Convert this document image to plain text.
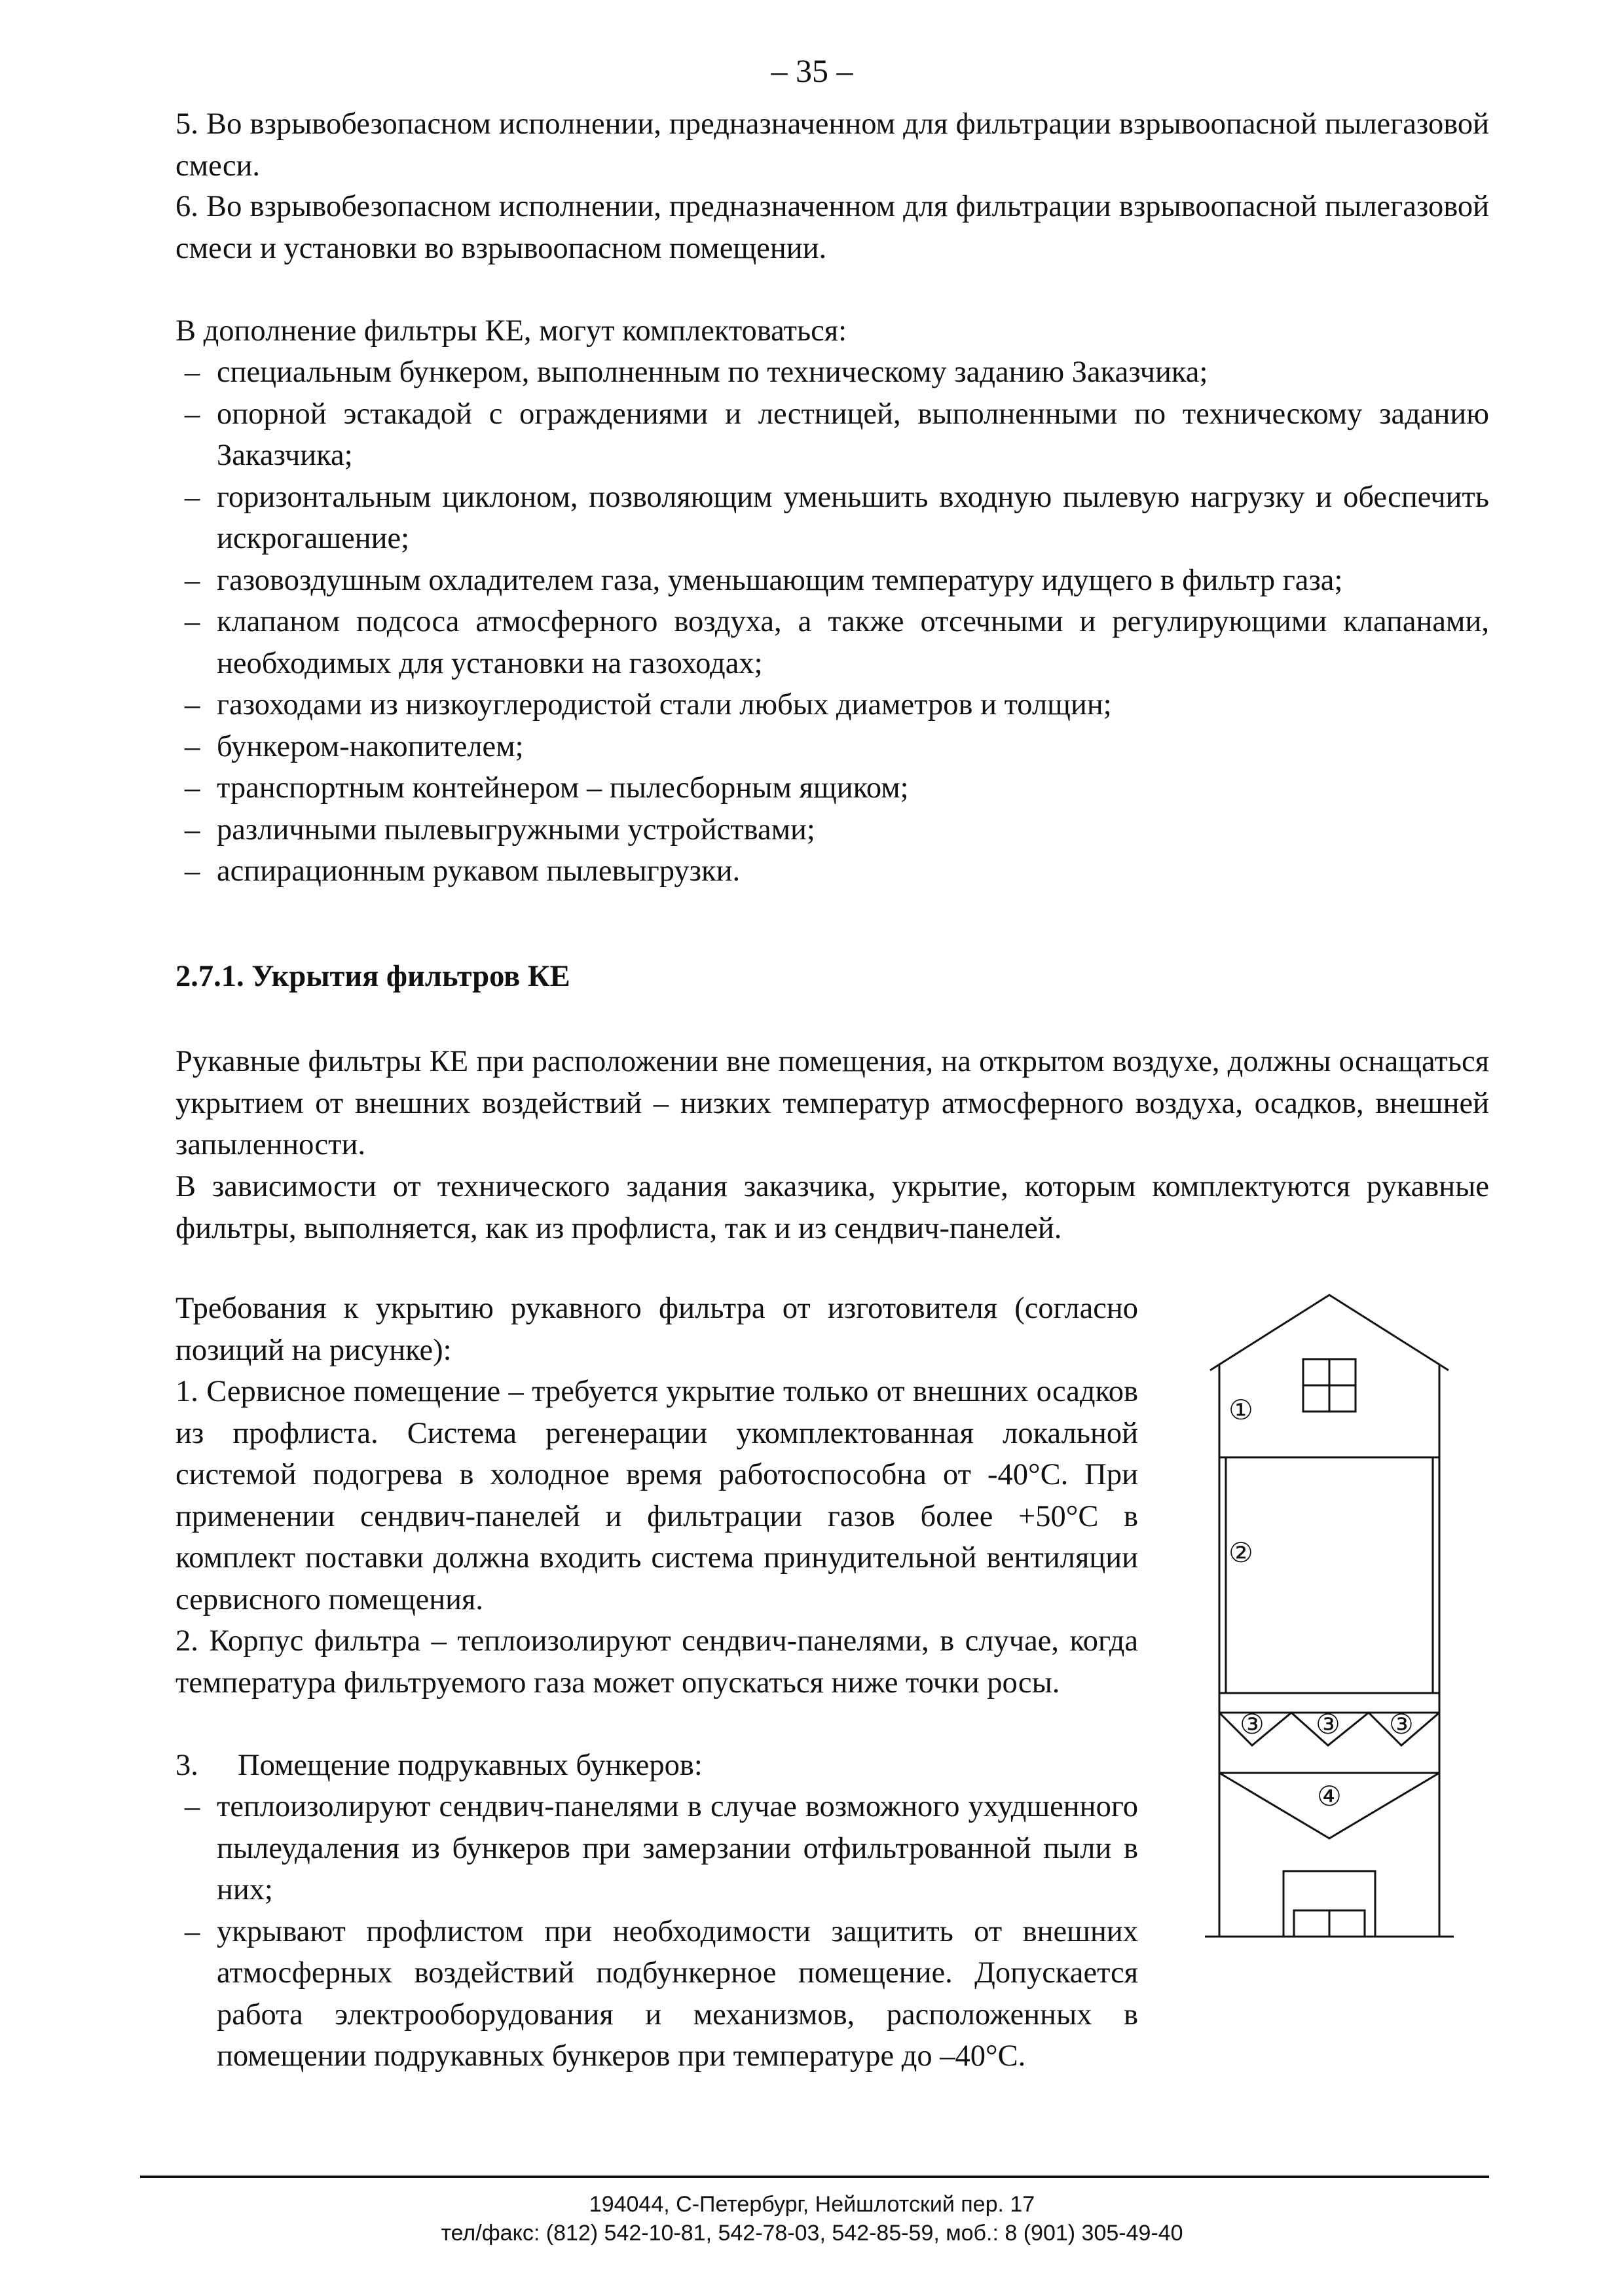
– 35 –

5. Во взрывобезопасном исполнении, предназначенном для фильтрации взрывоопасной пылегазовой смеси.

6. Во взрывобезопасном исполнении, предназначенном для фильтрации взрывоопасной пылегазовой смеси и установки во взрывоопасном помещении.

В дополнение фильтры КЕ, могут комплектоваться:

– специальным бункером, выполненным по техническому заданию Заказчика;
– опорной эстакадой с ограждениями и лестницей, выполненными по техническому заданию Заказчика;
– горизонтальным циклоном, позволяющим уменьшить входную пылевую нагрузку и обеспечить искрогашение;
– газовоздушным охладителем газа, уменьшающим температуру идущего в фильтр газа;
– клапаном подсоса атмосферного воздуха, а также отсечными и регулирующими клапанами, необходимых для установки на газоходах;
– газоходами из низкоуглеродистой стали любых диаметров и толщин;
– бункером-накопителем;
– транспортным контейнером – пылесборным ящиком;
– различными пылевыгружными устройствами;
– аспирационным рукавом пылевыгрузки.
2.7.1. Укрытия фильтров КЕ

Рукавные фильтры КЕ при расположении вне помещения, на открытом воздухе, должны оснащаться укрытием от внешних воздействий – низких температур атмосферного воздуха, осадков, внешней запыленности.

В зависимости от технического задания заказчика, укрытие, которым комплектуются рукавные фильтры, выполняется, как из профлиста, так и из сендвич-панелей.

Требования к укрытию рукавного фильтра от изготовителя (согласно позиций на рисунке):

1. Сервисное помещение – требуется укрытие только от внешних осадков из профлиста. Система регенерации укомплектованная локальной системой подогрева в холодное время работоспособна от -40°С. При применении сендвич-панелей и фильтрации газов более +50°С в комплект поставки должна входить система принудительной вентиляции сервисного помещения.

2. Корпус фильтра – теплоизолируют сендвич-панелями, в случае, когда температура фильтруемого газа может опускаться ниже точки росы.

3. Помещение подрукавных бункеров:
– теплоизолируют сендвич-панелями в случае возможного ухудшенного пылеудаления из бункеров при замерзании отфильтрованной пыли в них;
– укрывают профлистом при необходимости защитить от внешних атмосферных воздействий подбункерное помещение. Допускается работа электрооборудования и механизмов, расположенных в помещении подрукавных бункеров при температуре до –40°С.
①
②
③ ③ ③
④
194044, С-Петербург, Нейшлотский пер. 17
тел/факс: (812) 542-10-81, 542-78-03, 542-85-59, моб.: 8 (901) 305-49-40
